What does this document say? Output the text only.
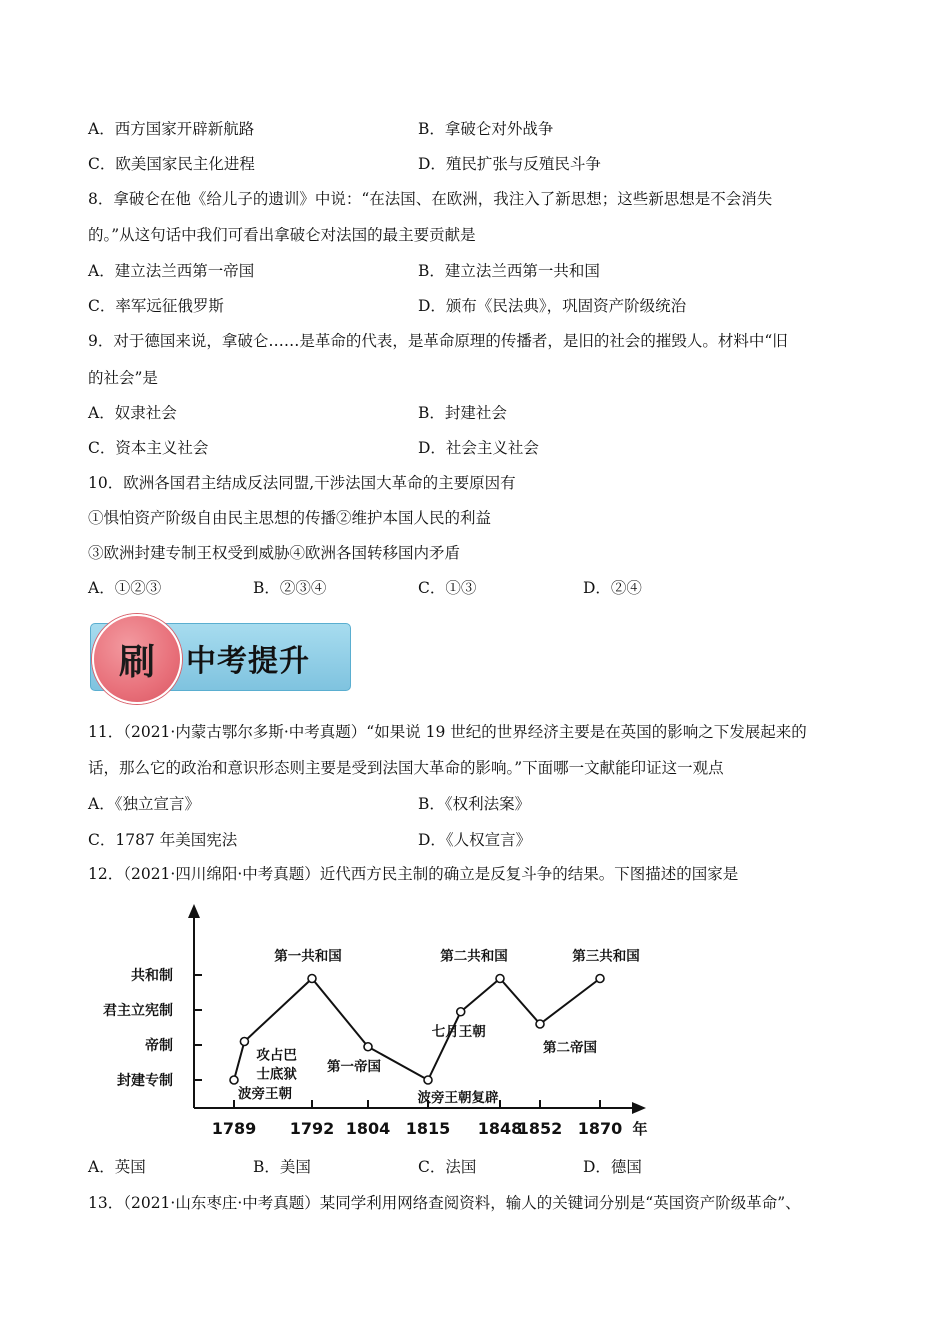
A．西方国家开辟新航路	B．拿破仑对外战争
C．欧美国家民主化进程	D．殖民扩张与反殖民斗争
8．拿破仑在他《给儿子的遗训》中说：“在法国、在欧洲，我注入了新思想；这些新思想是不会消失
的。”从这句话中我们可看出拿破仑对法国的最主要贡献是
A．建立法兰西第一帝国	B．建立法兰西第一共和国
C．率军远征俄罗斯	D．颁布《民法典》，巩固资产阶级统治
9．对于德国来说，拿破仑……是革命的代表，是革命原理的传播者，是旧的社会的摧毁人。材料中“旧
的社会”是
A．奴隶社会	B．封建社会
C．资本主义社会	D．社会主义社会
10．欧洲各国君主结成反法同盟,干涉法国大革命的主要原因有
①惧怕资产阶级自由民主思想的传播②维护本国人民的利益
③欧洲封建专制王权受到威胁④欧洲各国转移国内矛盾
A．①②③	B．②③④	C．①③	D．②④
刷	中考提升
11．（2021·内蒙古鄂尔多斯·中考真题）“如果说 19 世纪的世界经济主要是在英国的影响之下发展起来的
话，那么它的政治和意识形态则主要是受到法国大革命的影响。”下面哪一文献能印证这一观点
A．《独立宣言》	B．《权利法案》
C．1787 年美国宪法	D．《人权宣言》
12．（2021·四川绵阳·中考真题）近代西方民主制的确立是反复斗争的结果。下图描述的国家是
封建专制
帝制
君主立宪制
共和制
1789 1792 1804 1815 1848
1852 1870 年
波旁王朝
攻占巴士底狱
第一共和国
第一帝国
波旁王朝复辟
七月王朝
第二共和国
第二帝国
第三共和国
A．英国	B．美国	C．法国	D．德国
13．（2021·山东枣庄·中考真题）某同学利用网络查阅资料，输人的关键词分别是“英国资产阶级革命”、
